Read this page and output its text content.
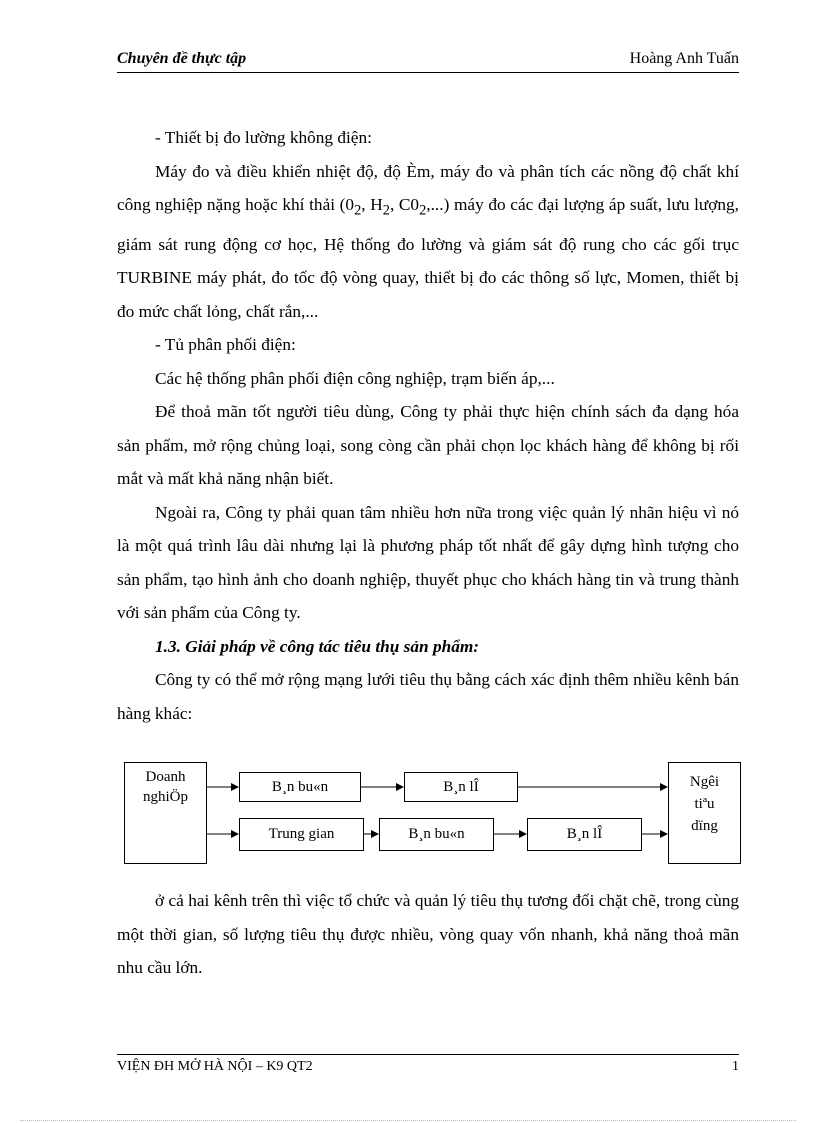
Chuyên đề thực tập	Hoàng Anh Tuấn

- Thiết bị đo lường không điện:

Máy đo và điều khiển nhiệt độ, độ Èm, máy đo và phân tích các nồng độ chất khí công nghiệp nặng hoặc khí thải ($0_2$, $H_2$, $C0_2$,...) máy đo các đại lượng áp suất, lưu lượng, giám sát rung động cơ học, Hệ thống đo lường và giám sát độ rung cho các gối trục TURBINE máy phát, đo tốc độ vòng quay, thiết bị đo các thông số lực, Momen, thiết bị đo mức chất lỏng, chất rắn,...

- Tủ phân phối điện:

Các hệ thống phân phối điện công nghiệp, trạm biến áp,...

Để thoả mãn tốt người tiêu dùng, Công ty phải thực hiện chính sách đa dạng hóa sản phẩm, mở rộng chủng loại, song còng cần phải chọn lọc khách hàng để không bị rối mắt và mất khả năng nhận biết.

Ngoài ra, Công ty phải quan tâm nhiều hơn nữa trong việc quản lý nhãn hiệu vì nó là một quá trình lâu dài nhưng lại là phương pháp tốt nhất để gây dựng hình tượng cho sản phẩm, tạo hình ảnh cho doanh nghiệp, thuyết phục cho khách hàng tin và trung thành với sản phẩm của Công ty.

1.3. Giải pháp về công tác tiêu thụ sản phẩm:

Công ty có thể mở rộng mạng lưới tiêu thụ bằng cách xác định thêm nhiều kênh bán hàng khác:

Doanh
nghiÖp
B¸n bu«n	B¸n lÎ
Trung gian	B¸n bu«n	B¸n lÎ
Ngêi
tiªu
dïng

ở cả hai kênh trên thì việc tổ chức và quản lý tiêu thụ tương đối chặt chẽ, trong cùng một thời gian, số lượng tiêu thụ được nhiều, vòng quay vốn nhanh, khả năng thoả mãn nhu cầu lớn.

VIỆN ĐH MỞ HÀ NỘI – K9 QT2	1
